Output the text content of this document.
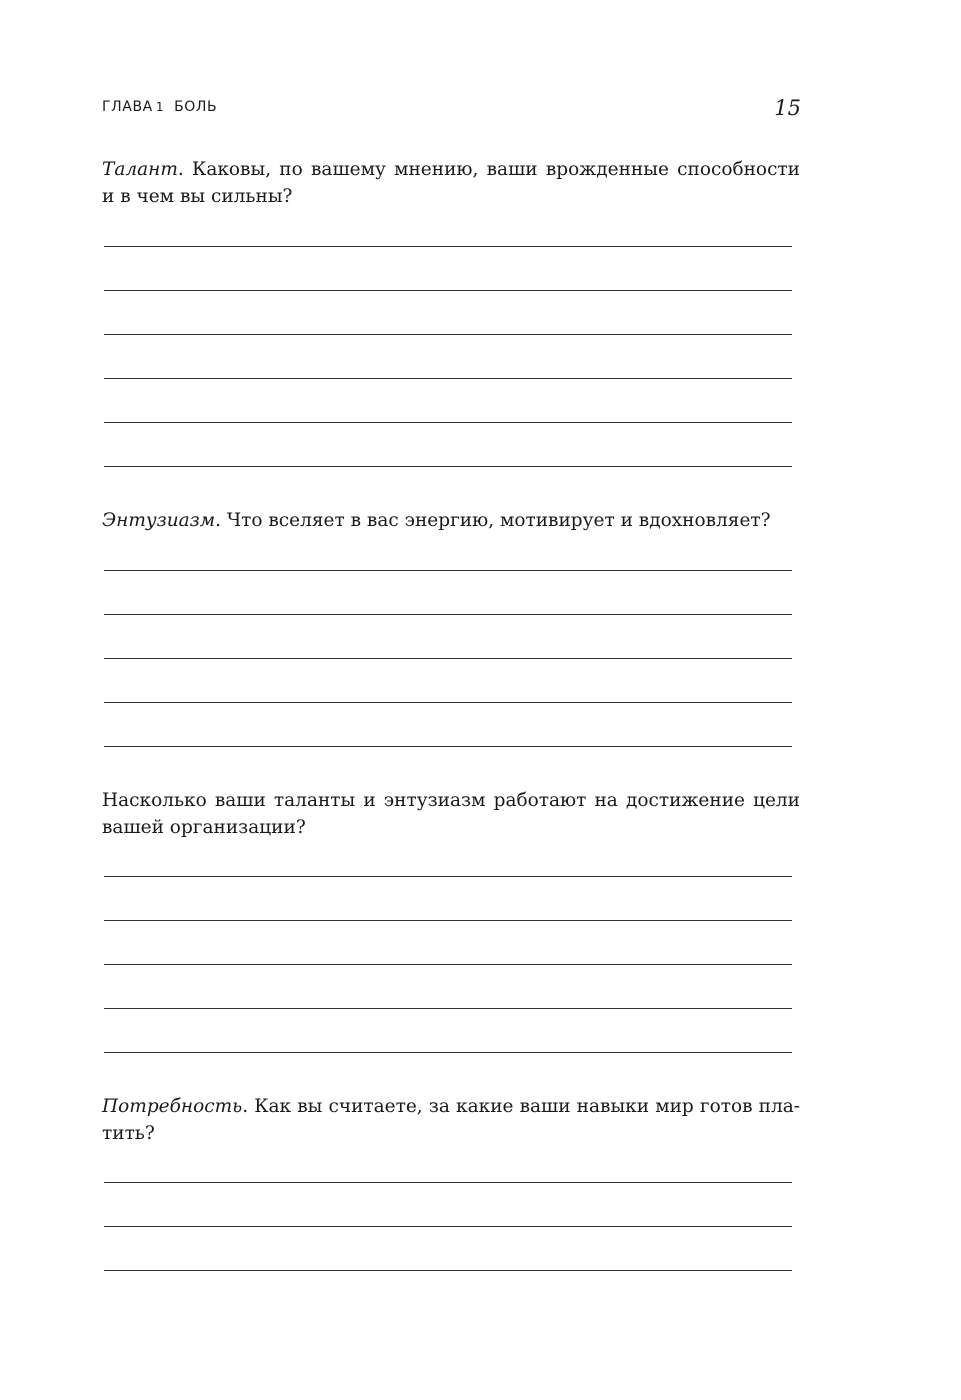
ГЛАВА 1 БОЛЬ	15

Талант. Каковы, по вашему мнению, ваши врожденные способности и в чем вы сильны?

Энтузиазм. Что вселяет в вас энергию, мотивирует и вдохновляет?

Насколько ваши таланты и энтузиазм работают на достижение цели вашей организации?

Потребность. Как вы считаете, за какие ваши навыки мир готов платить?
